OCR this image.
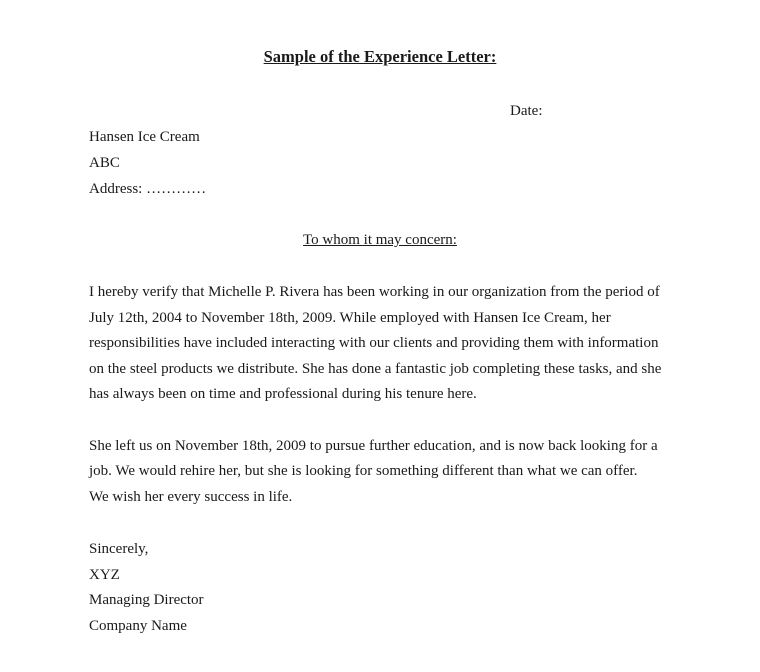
Sample of the Experience Letter:
Date:
Hansen Ice Cream
ABC
Address: …………
To whom it may concern:
I hereby verify that Michelle P. Rivera has been working in our organization from the period of
July 12th, 2004 to November 18th, 2009. While employed with Hansen Ice Cream, her
responsibilities have included interacting with our clients and providing them with information
on the steel products we distribute. She has done a fantastic job completing these tasks, and she
has always been on time and professional during his tenure here.
She left us on November 18th, 2009 to pursue further education, and is now back looking for a
job. We would rehire her, but she is looking for something different than what we can offer.
We wish her every success in life.
Sincerely,
XYZ
Managing Director
Company Name
